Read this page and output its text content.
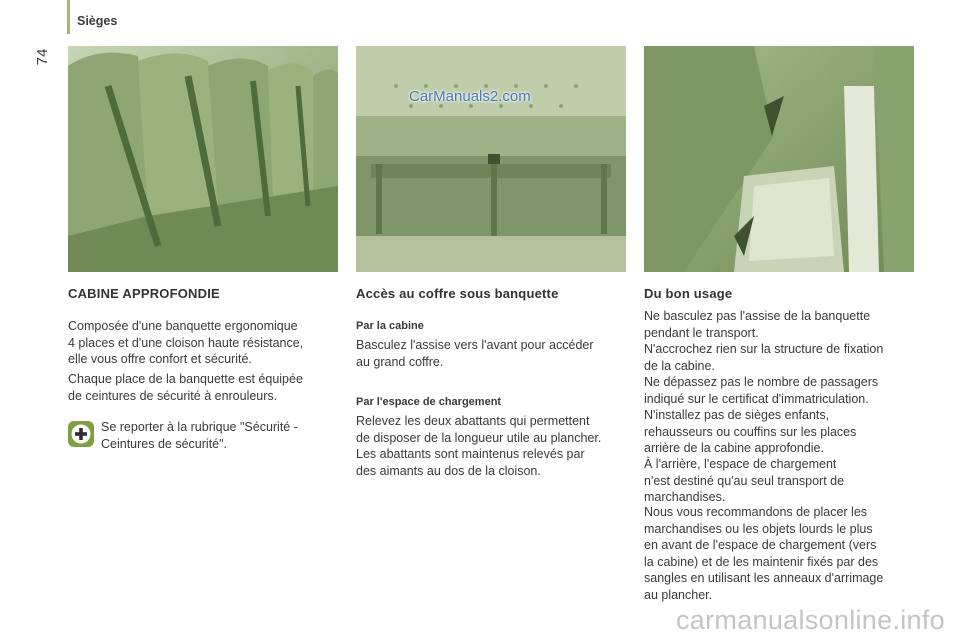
Sièges
74
CarManuals2.com
CABINE APPROFONDIE

Composée d'une banquette ergonomique
4 places et d'une cloison haute résistance,
elle vous offre confort et sécurité.

Chaque place de la banquette est équipée
de ceintures de sécurité à enrouleurs.

Se reporter à la rubrique "Sécurité -
Ceintures de sécurité".

Accès au coffre sous banquette
Par la cabine

Basculez l'assise vers l'avant pour accéder
au grand coffre.

Par l'espace de chargement

Relevez les deux abattants qui permettent
de disposer de la longueur utile au plancher.
Les abattants sont maintenus relevés par
des aimants au dos de la cloison.

Du bon usage

Ne basculez pas l'assise de la banquette
pendant le transport.

N'accrochez rien sur la structure de fixation
de la cabine.

Ne dépassez pas le nombre de passagers
indiqué sur le certificat d'immatriculation.

N'installez pas de sièges enfants,
rehausseurs ou couffins sur les places
arrière de la cabine approfondie.

À l'arrière, l'espace de chargement
n'est destiné qu'au seul transport de
marchandises.

Nous vous recommandons de placer les
marchandises ou les objets lourds le plus
en avant de l'espace de chargement (vers
la cabine) et de les maintenir fixés par des
sangles en utilisant les anneaux d'arrimage
au plancher.

carmanualsonline.info
